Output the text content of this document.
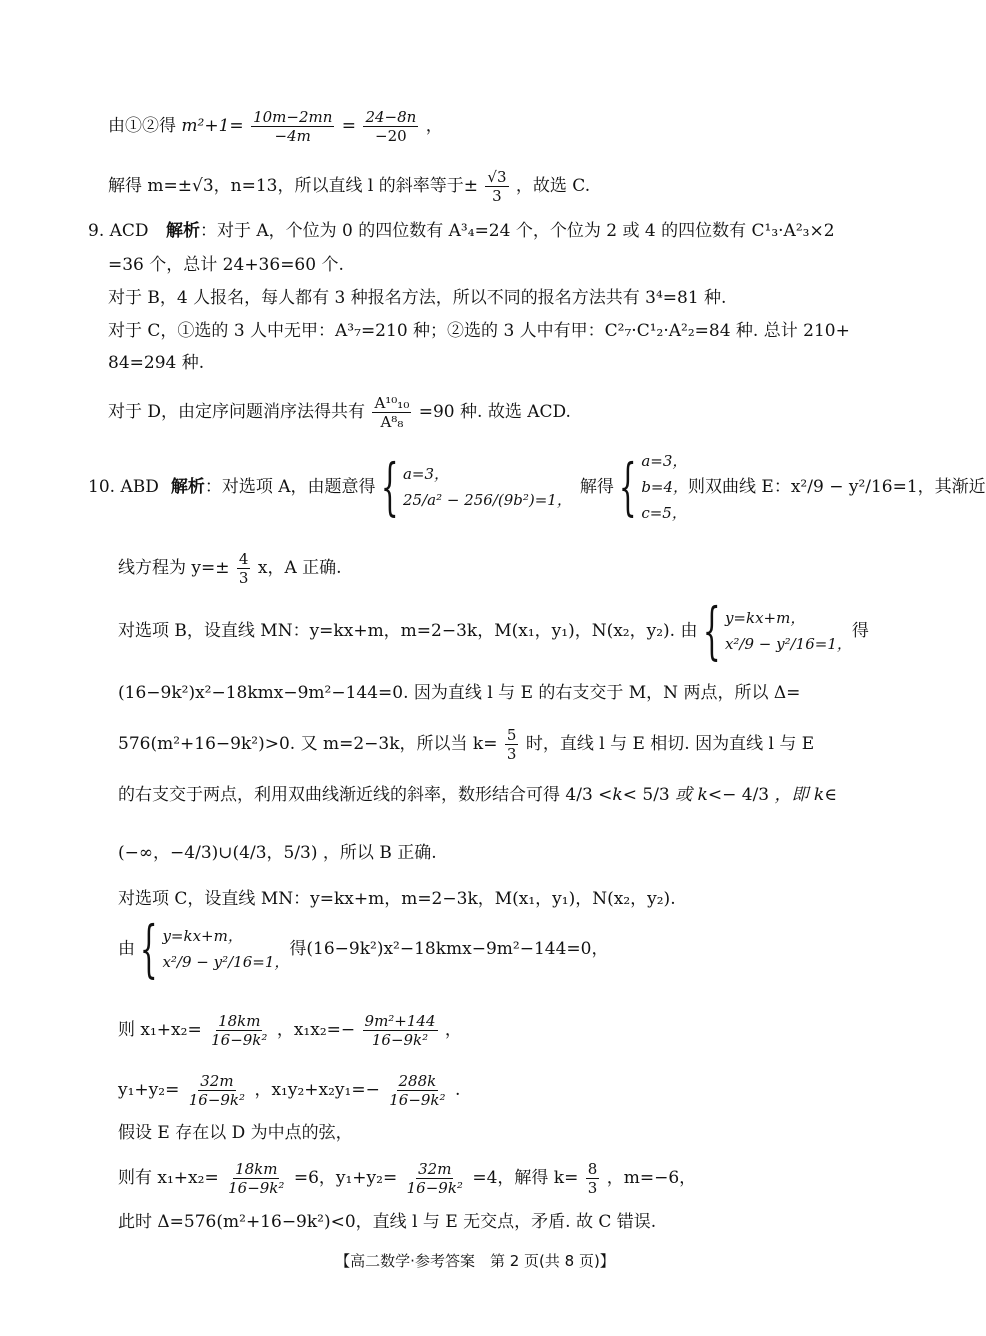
由①②得 $m^2+1= \frac{10m-2mn}{-4m} = \frac{24-8n}{-20}$ ，
解得 m=±√3，n=13，所以直线 l 的斜率等于± $\frac{√3}{3}$ ，故选 C.
9. ACD 解析：对于 A，个位为 0 的四位数有 A³₄=24 个，个位为 2 或 4 的四位数有 C¹₃·A²₃×2
=36 个，总计 24+36=60 个.
对于 B，4 人报名，每人都有 3 种报名方法，所以不同的报名方法共有 3⁴=81 种.
对于 C，①选的 3 人中无甲：A³₇=210 种；②选的 3 人中有甲：C²₇·C¹₂·A²₂=84 种. 总计 210+
84=294 种.
对于 D，由定序问题消序法得共有 $\frac{\text{A¹⁰₁₀}}{\text{A⁸₈}} =90$ 种. 故选 ACD.
10. ABD 解析 ：对选项 A，由题意得 { a=3，
25/a² − 256/(9b²)=1，
解得 { a=3，
b=4，
c=5，
则双曲线 E：x²/9 − y²/16=1，其渐近
线方程为 $y=\pm \frac{4}{3}$ x，A 正确.
对选项 B，设直线 MN：y=kx+m，m=2−3k，M(x₁，y₁)，N(x₂，y₂). 由 { y=kx+m，
x²/9 − y²/16=1，
得
(16−9k²)x²−18kmx−9m²−144=0. 因为直线 l 与 E 的右支交于 M，N 两点，所以 Δ=
576(m²+16−9k²)>0. 又 m=2−3k，所以当 $k= \frac{5}{3}$ 时，直线 l 与 E 相切. 因为直线 l 与 E
的右支交于两点，利用双曲线渐近线的斜率，数形结合可得 4/3 <k< 5/3 或 k<− 4/3 ，即 k∈
(−∞，−4/3)∪(4/3，5/3) ，所以 B 正确.
对选项 C，设直线 MN：y=kx+m，m=2−3k，M(x₁，y₁)，N(x₂，y₂).
由 { y=kx+m，
x²/9 − y²/16=1，
得(16−9k²)x²−18kmx−9m²−144=0，
则 $x_1+x_2= \frac{18km}{\text{16−9k²}}$ ，$x_1x_2=- \frac{\text{9m²+144}}{\text{16−9k²}}$ ，
$y_1+y_2= \frac{32m}{\text{16−9k²}}$ ，$x_1y_2+x_2y_1=- \frac{288k}{\text{16−9k²}}$ .
假设 E 存在以 D 为中点的弦，
则有 $x_1+x_2= \frac{18km}{\text{16−9k²}} =6$，$y_1+y_2= \frac{32m}{\text{16−9k²}} =4$，解得 $k= \frac{8}{3}$ ，m=−6，
此时 Δ=576(m²+16−9k²)<0，直线 l 与 E 无交点，矛盾. 故 C 错误.
【高二数学·参考答案　第 2 页(共 8 页)】
